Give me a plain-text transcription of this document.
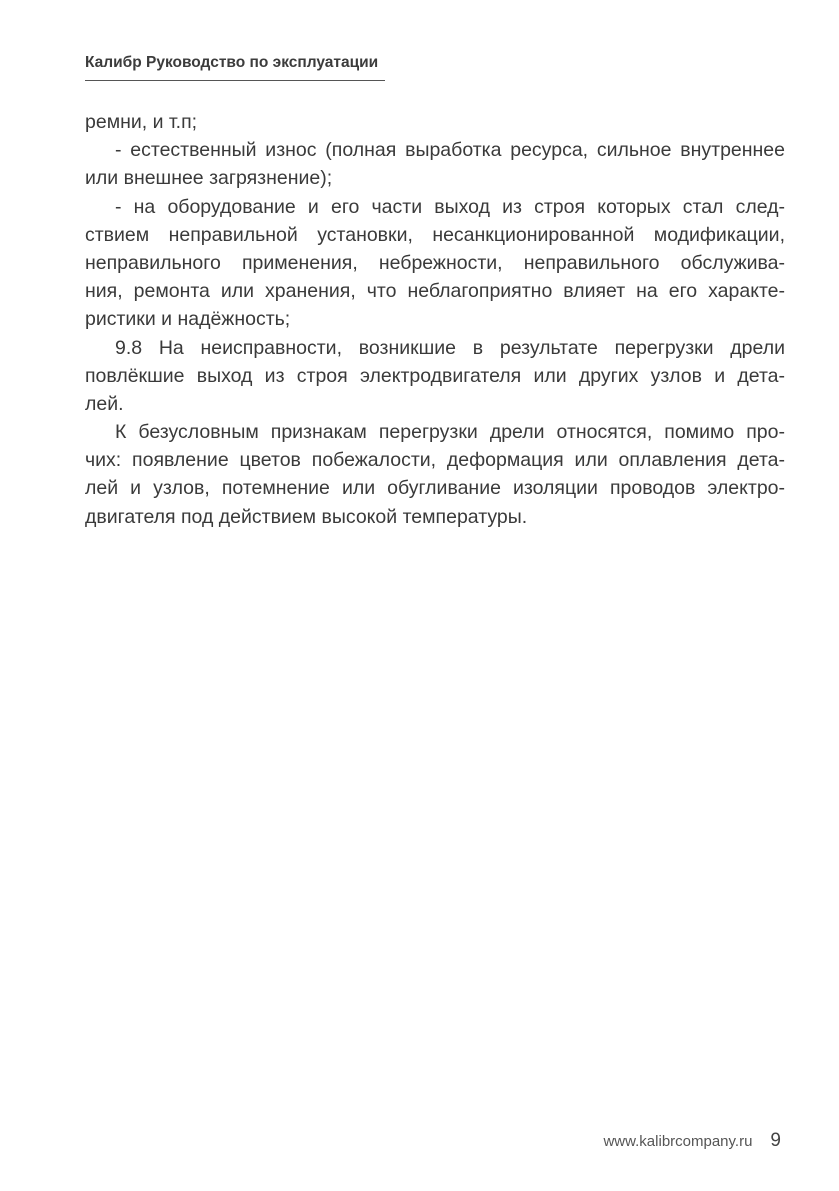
Калибр Руководство по эксплуатации
ремни, и т.п;
- естественный износ (полная выработка ресурса, сильное внутреннее
или внешнее загрязнение);
- на оборудование и его части выход из строя которых стал след-
ствием неправильной установки, несанкционированной модификации,
неправильного применения, небрежности, неправильного обслужива-
ния, ремонта или хранения, что неблагоприятно влияет на его характе-
ристики и надёжность;
9.8 На неисправности, возникшие в результате перегрузки дрели
повлёкшие выход из строя электродвигателя или других узлов и дета-
лей.
К безусловным признакам перегрузки дрели относятся, помимо про-
чих: появление цветов побежалости, деформация или оплавления дета-
лей и узлов, потемнение или обугливание изоляции проводов электро-
двигателя под действием высокой температуры.
www.kalibrcompany.ru 9
